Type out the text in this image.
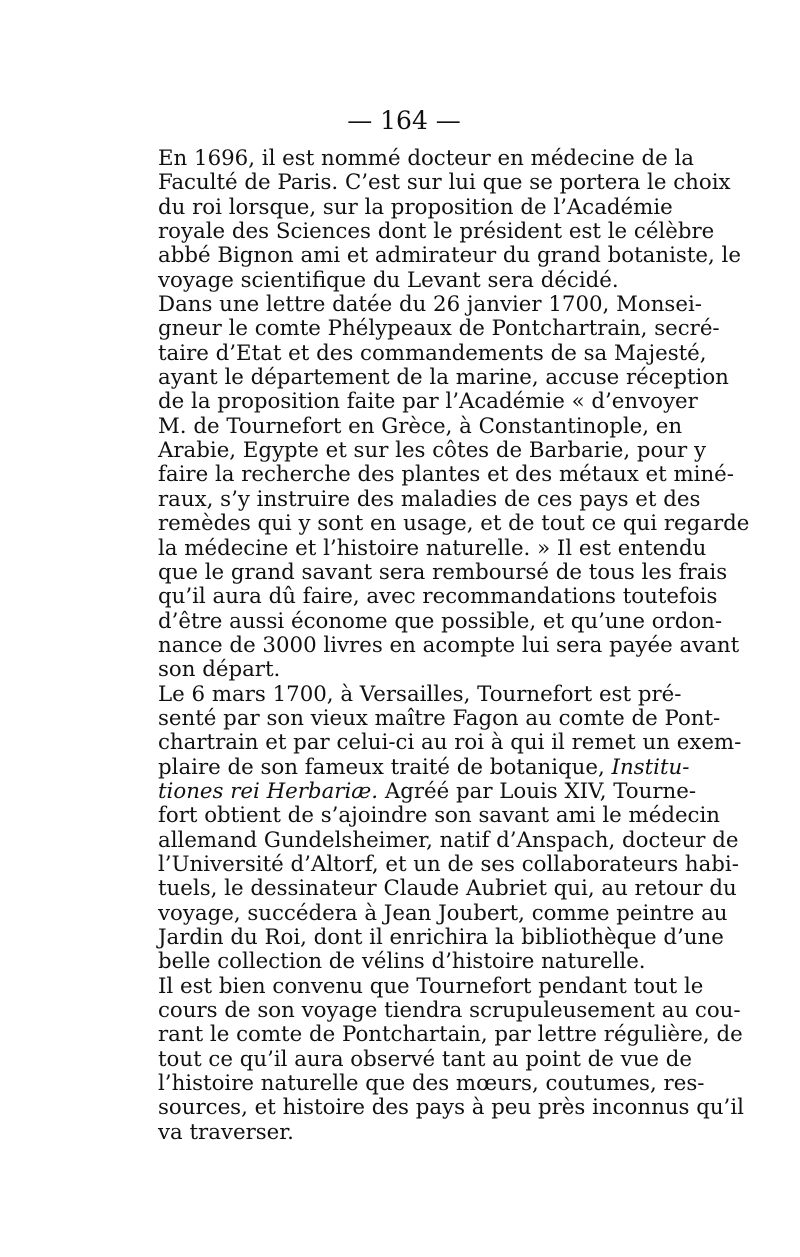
— 164 —

En 1696, il est nommé docteur en médecine de la
Faculté de Paris. C’est sur lui que se portera le choix
du roi lorsque, sur la proposition de l’Académie
royale des Sciences dont le président est le célèbre
abbé Bignon ami et admirateur du grand botaniste, le
voyage scientifique du Levant sera décidé.

Dans une lettre datée du 26 janvier 1700, Monsei-
gneur le comte Phélypeaux de Pontchartrain, secré-
taire d’Etat et des commandements de sa Majesté,
ayant le département de la marine, accuse réception
de la proposition faite par l’Académie « d’envoyer
M. de Tournefort en Grèce, à Constantinople, en
Arabie, Egypte et sur les côtes de Barbarie, pour y
faire la recherche des plantes et des métaux et miné-
raux, s’y instruire des maladies de ces pays et des
remèdes qui y sont en usage, et de tout ce qui regarde
la médecine et l’histoire naturelle. » Il est entendu
que le grand savant sera remboursé de tous les frais
qu’il aura dû faire, avec recommandations toutefois
d’être aussi économe que possible, et qu’une ordon-
nance de 3000 livres en acompte lui sera payée avant
son départ.

Le 6 mars 1700, à Versailles, Tournefort est pré-
senté par son vieux maître Fagon au comte de Pont-
chartrain et par celui-ci au roi à qui il remet un exem-
plaire de son fameux traité de botanique, Institu-
tiones rei Herbariæ. Agréé par Louis XIV, Tourne-
fort obtient de s’ajoindre son savant ami le médecin
allemand Gundelsheimer, natif d’Anspach, docteur de
l’Université d’Altorf, et un de ses collaborateurs habi-
tuels, le dessinateur Claude Aubriet qui, au retour du
voyage, succédera à Jean Joubert, comme peintre au
Jardin du Roi, dont il enrichira la bibliothèque d’une
belle collection de vélins d’histoire naturelle.

Il est bien convenu que Tournefort pendant tout le
cours de son voyage tiendra scrupuleusement au cou-
rant le comte de Pontchartain, par lettre régulière, de
tout ce qu’il aura observé tant au point de vue de
l’histoire naturelle que des mœurs, coutumes, res-
sources, et histoire des pays à peu près inconnus qu’il
va traverser.
